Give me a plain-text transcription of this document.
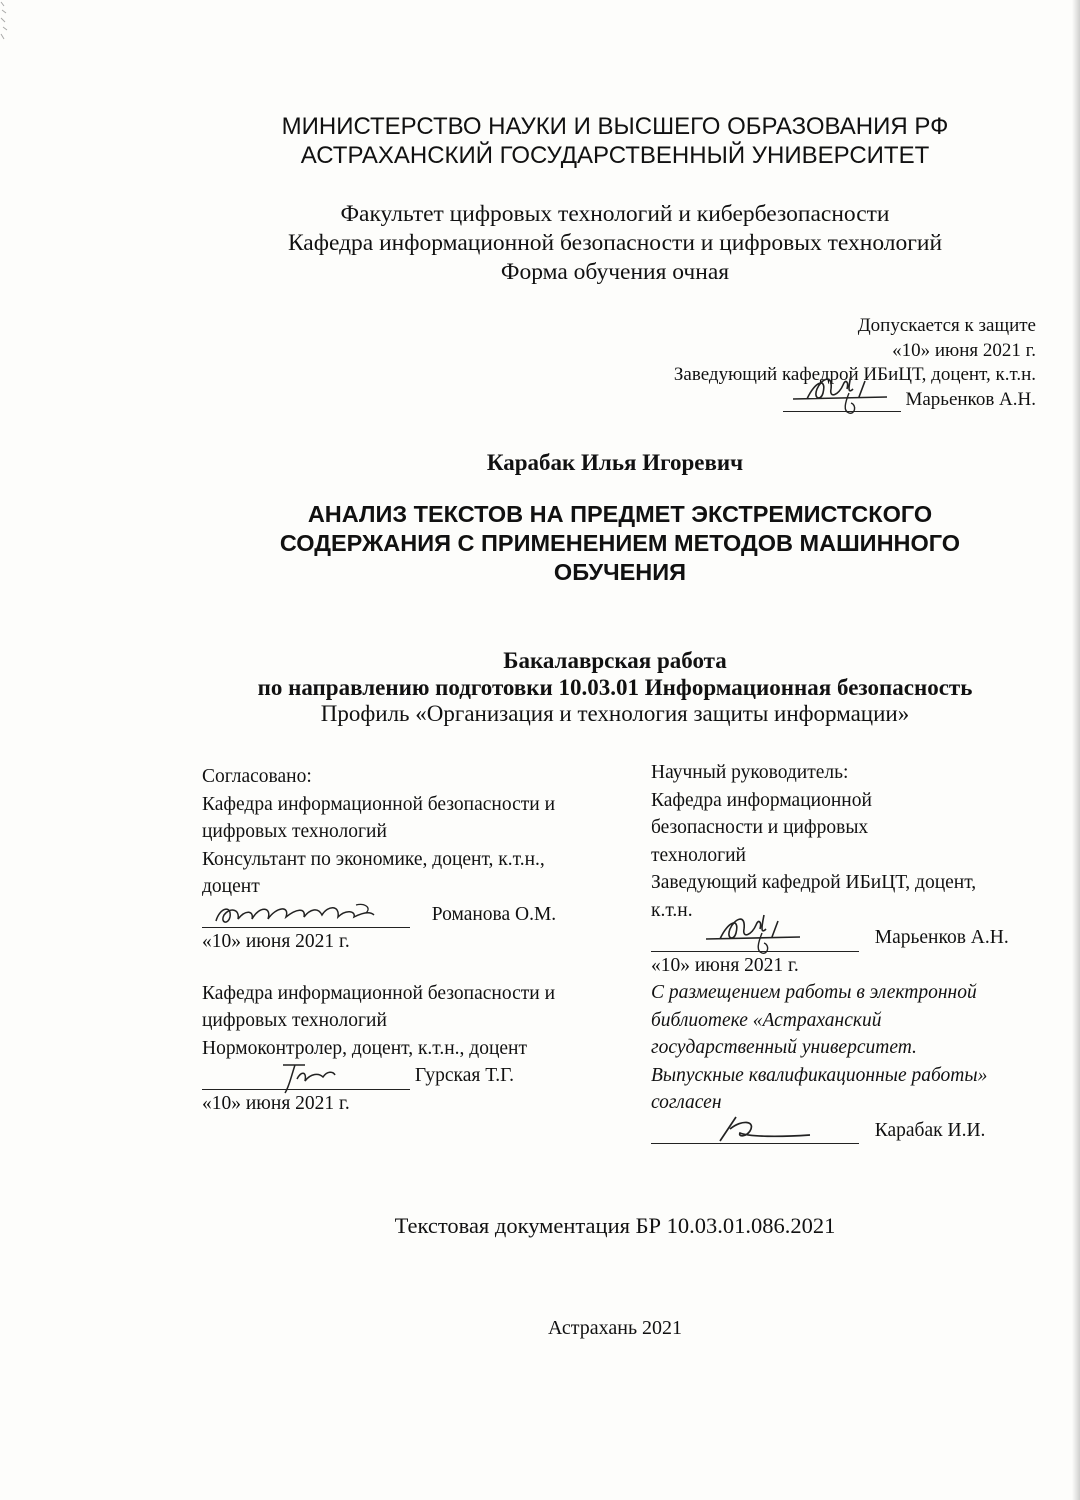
МИНИСТЕРСТВО НАУКИ И ВЫСШЕГО ОБРАЗОВАНИЯ РФ
АСТРАХАНСКИЙ ГОСУДАРСТВЕННЫЙ УНИВЕРСИТЕТ
Факультет цифровых технологий и кибербезопасности
Кафедра информационной безопасности и цифровых технологий
Форма обучения очная
Допускается к защите
«10» июня 2021 г.
Заведующий кафедрой ИБиЦТ, доцент, к.т.н.
Марьенков А.Н.
Карабак Илья Игоревич
АНАЛИЗ ТЕКСТОВ НА ПРЕДМЕТ ЭКСТРЕМИСТСКОГО
СОДЕРЖАНИЯ С ПРИМЕНЕНИЕМ МЕТОДОВ МАШИННОГО
ОБУЧЕНИЯ
Бакалаврская работа
по направлению подготовки 10.03.01 Информационная безопасность
Профиль «Организация и технология защиты информации»
Согласовано:
Кафедра информационной безопасности и
цифровых технологий
Консультант по экономике, доцент, к.т.н.,
доцент
Романова О.М.
«10» июня 2021 г.
Кафедра информационной безопасности и
цифровых технологий
Нормоконтролер, доцент, к.т.н., доцент
Гурская Т.Г.
«10» июня 2021 г.
Научный руководитель:
Кафедра информационной
безопасности и цифровых
технологий
Заведующий кафедрой ИБиЦТ, доцент,
к.т.н.
Марьенков А.Н.
«10» июня 2021 г.
С размещением работы в электронной
библиотеке «Астраханский
государственный университет.
Выпускные квалификационные работы»
согласен
Карабак И.И.
Текстовая документация БР 10.03.01.086.2021
Астрахань 2021
